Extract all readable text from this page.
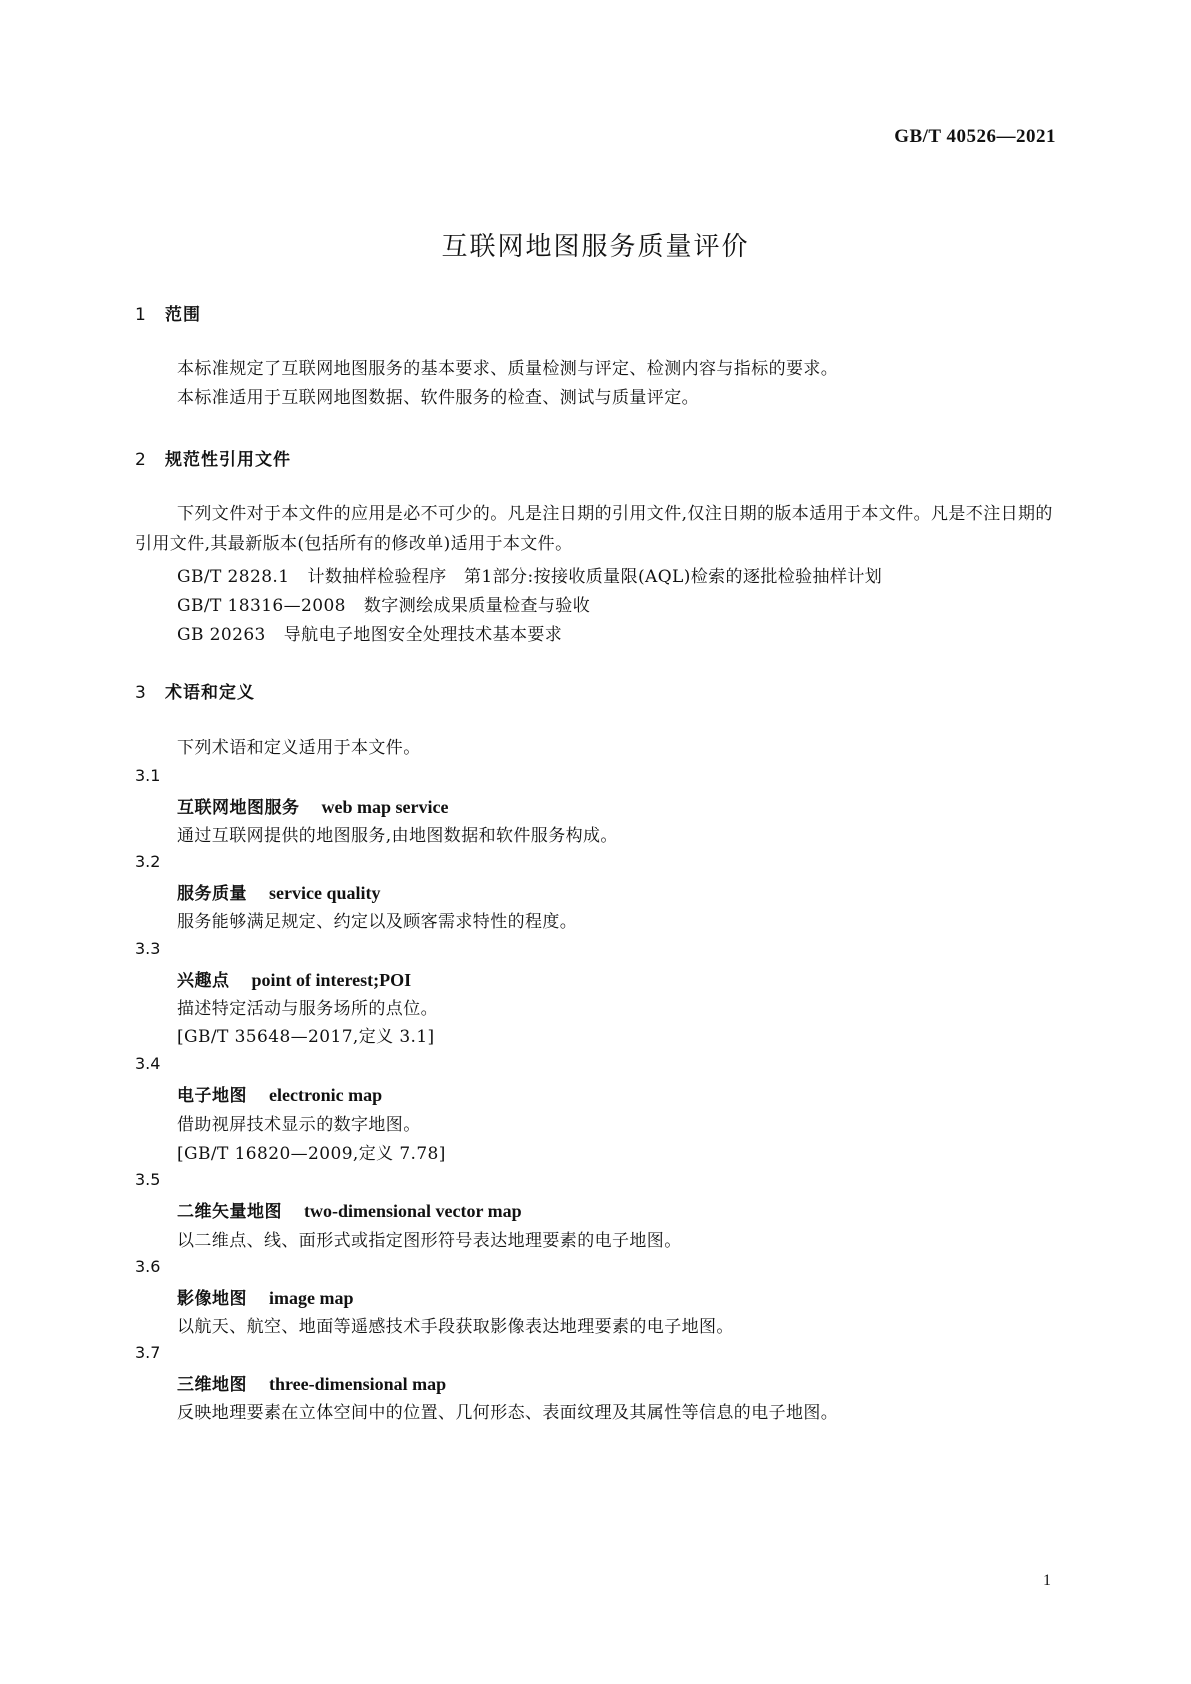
GB/T 40526—2021
互联网地图服务质量评价
1 范围

本标准规定了互联网地图服务的基本要求、质量检测与评定、检测内容与指标的要求。

本标准适用于互联网地图数据、软件服务的检查、测试与质量评定。

2 规范性引用文件

下列文件对于本文件的应用是必不可少的。凡是注日期的引用文件,仅注日期的版本适用于本文件。凡是不注日期的引用文件,其最新版本(包括所有的修改单)适用于本文件。

GB/T 2828.1 计数抽样检验程序　第1部分:按接收质量限(AQL)检索的逐批检验抽样计划
GB/T 18316—2008 数字测绘成果质量检查与验收
GB 20263 导航电子地图安全处理技术基本要求
3 术语和定义

下列术语和定义适用于本文件。

3.1
互联网地图服务 web map service
通过互联网提供的地图服务,由地图数据和软件服务构成。
3.2
服务质量 service quality
服务能够满足规定、约定以及顾客需求特性的程度。
3.3
兴趣点 point of interest;POI
描述特定活动与服务场所的点位。
[GB/T 35648—2017,定义 3.1]
3.4
电子地图 electronic map
借助视屏技术显示的数字地图。
[GB/T 16820—2009,定义 7.78]
3.5
二维矢量地图 two-dimensional vector map
以二维点、线、面形式或指定图形符号表达地理要素的电子地图。
3.6
影像地图 image map
以航天、航空、地面等遥感技术手段获取影像表达地理要素的电子地图。
3.7
三维地图 three-dimensional map
反映地理要素在立体空间中的位置、几何形态、表面纹理及其属性等信息的电子地图。
1
